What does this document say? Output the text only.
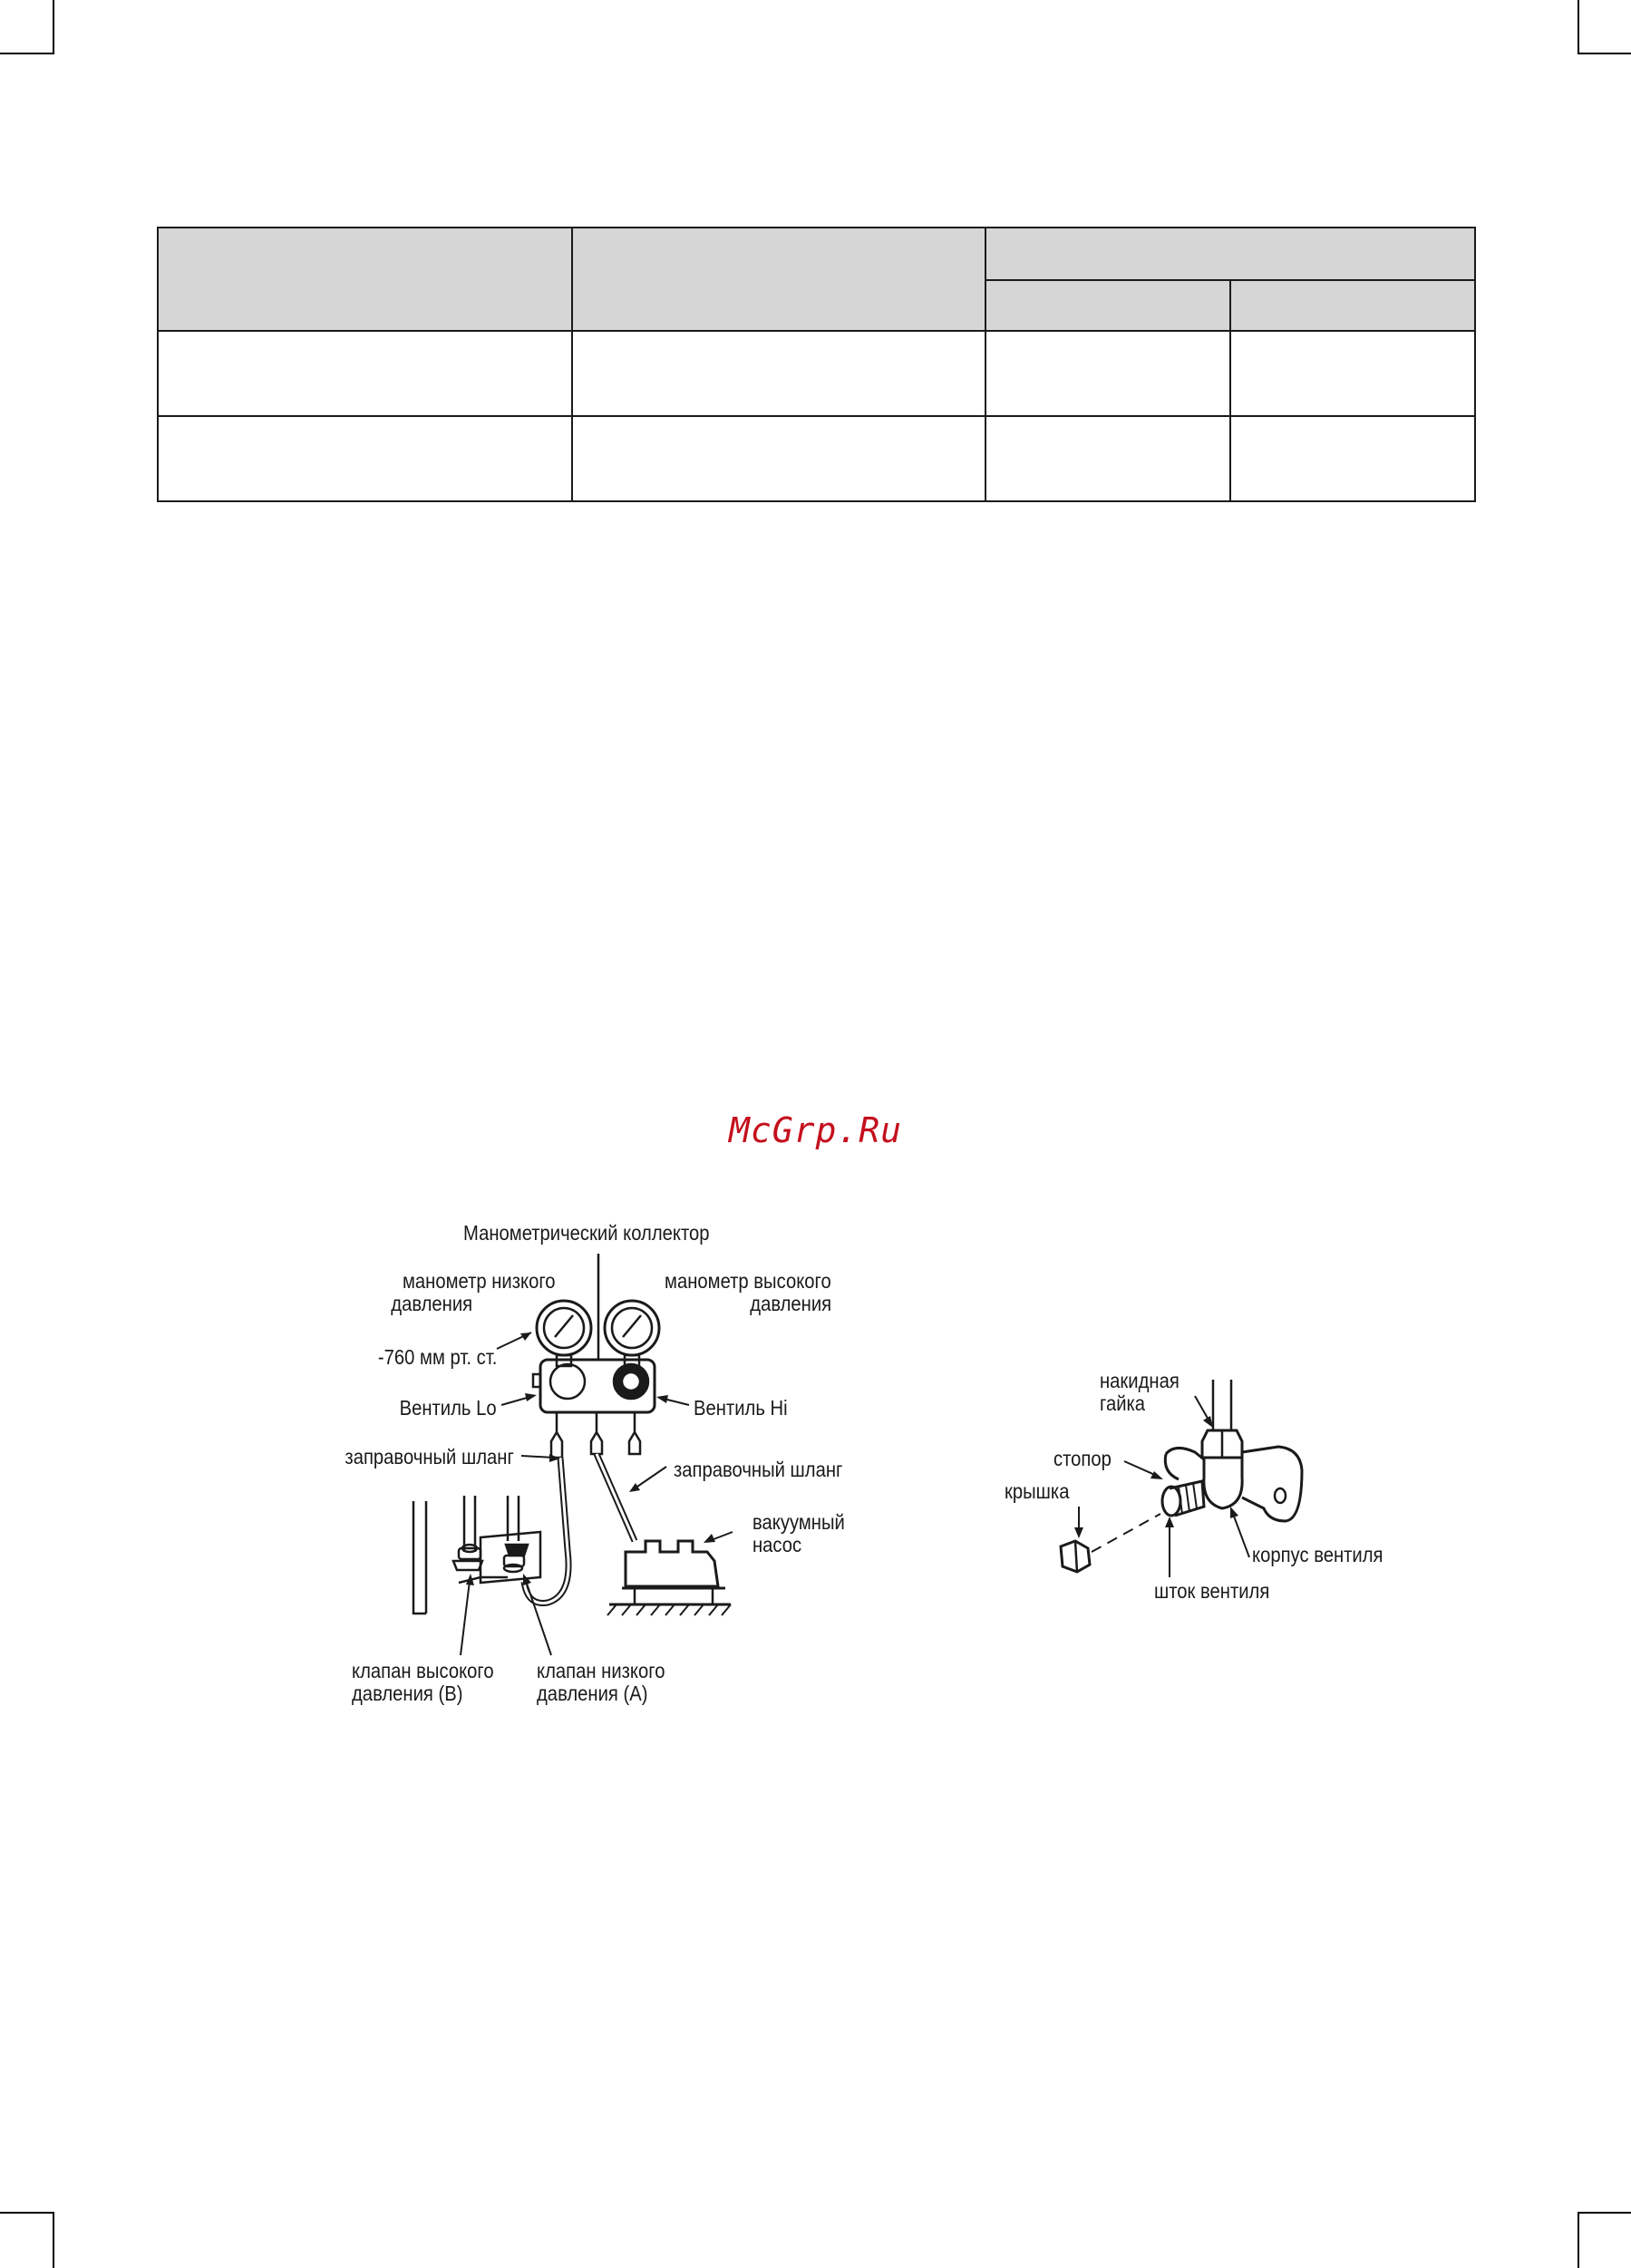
McGrp.Ru
Манометрический коллектор
манометр низкого
давления
манометр высокого
давления
-760 мм рт. ст.
Вентиль Lo	Вентиль Hi
заправочный шланг
заправочный шланг
вакуумный
насос
клапан высокого
давления (B)
клапан низкого
давления (A)
накидная
гайка
стопор
крышка
корпус вентиля
шток вентиля
